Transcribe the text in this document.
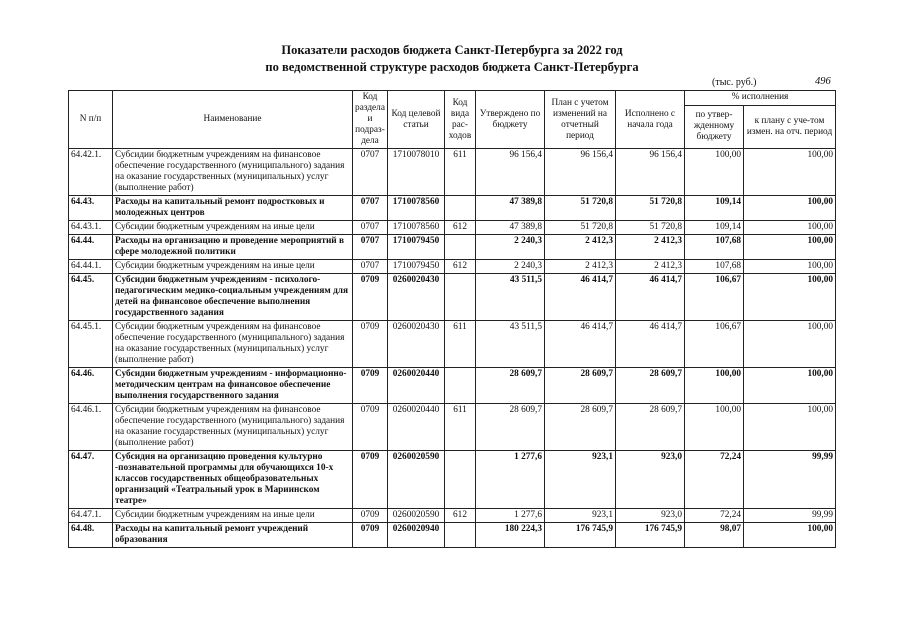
Показатели расходов бюджета Санкт-Петербурга за 2022 год
по ведомственной структуре расходов бюджета Санкт-Петербурга
(тыс. руб.)	496
N п/п	Наименование	Код раздела и подраз-дела	Код целевой статьи	Код вида рас-ходов	Утверждено по бюджету	План с учетом изменений на отчетный период	Исполнено с начала года	% исполнения	
								по утвер-жденному бюджету	к плану с уче-том измен. на отч. период
64.42.1.	Субсидии бюджетным учреждениям на финансовое обеспечение государственного (муниципального) задания на оказание государственных (муниципальных) услуг (выполнение работ)	0707	1710078010	611	96 156,4	96 156,4	96 156,4	100,00	100,00
64.43.	Расходы на капитальный ремонт подростковых и молодежных центров	0707	1710078560		47 389,8	51 720,8	51 720,8	109,14	100,00
64.43.1.	Субсидии бюджетным учреждениям на иные цели	0707	1710078560	612	47 389,8	51 720,8	51 720,8	109,14	100,00
64.44.	Расходы на организацию и проведение мероприятий в сфере молодежной политики	0707	1710079450		2 240,3	2 412,3	2 412,3	107,68	100,00
64.44.1.	Субсидии бюджетным учреждениям на иные цели	0707	1710079450	612	2 240,3	2 412,3	2 412,3	107,68	100,00
64.45.	Субсидии бюджетным учреждениям - психолого-педагогическим медико-социальным учреждениям для детей на финансовое обеспечение выполнения государственного задания	0709	0260020430		43 511,5	46 414,7	46 414,7	106,67	100,00
64.45.1.	Субсидии бюджетным учреждениям на финансовое обеспечение государственного (муниципального) задания на оказание государственных (муниципальных) услуг (выполнение работ)	0709	0260020430	611	43 511,5	46 414,7	46 414,7	106,67	100,00
64.46.	Субсидии бюджетным учреждениям - информационно-методическим центрам на финансовое обеспечение выполнения государственного задания	0709	0260020440		28 609,7	28 609,7	28 609,7	100,00	100,00
64.46.1.	Субсидии бюджетным учреждениям на финансовое обеспечение государственного (муниципального) задания на оказание государственных (муниципальных) услуг (выполнение работ)	0709	0260020440	611	28 609,7	28 609,7	28 609,7	100,00	100,00
64.47.	Субсидия на организацию проведения культурно -познавательной программы для обучающихся 10-х классов государственных общеобразовательных организаций «Театральный урок в Мариинском театре»	0709	0260020590		1 277,6	923,1	923,0	72,24	99,99
64.47.1.	Субсидии бюджетным учреждениям на иные цели	0709	0260020590	612	1 277,6	923,1	923,0	72,24	99,99
64.48.	Расходы на капитальный ремонт учреждений образования	0709	0260020940		180 224,3	176 745,9	176 745,9	98,07	100,00
